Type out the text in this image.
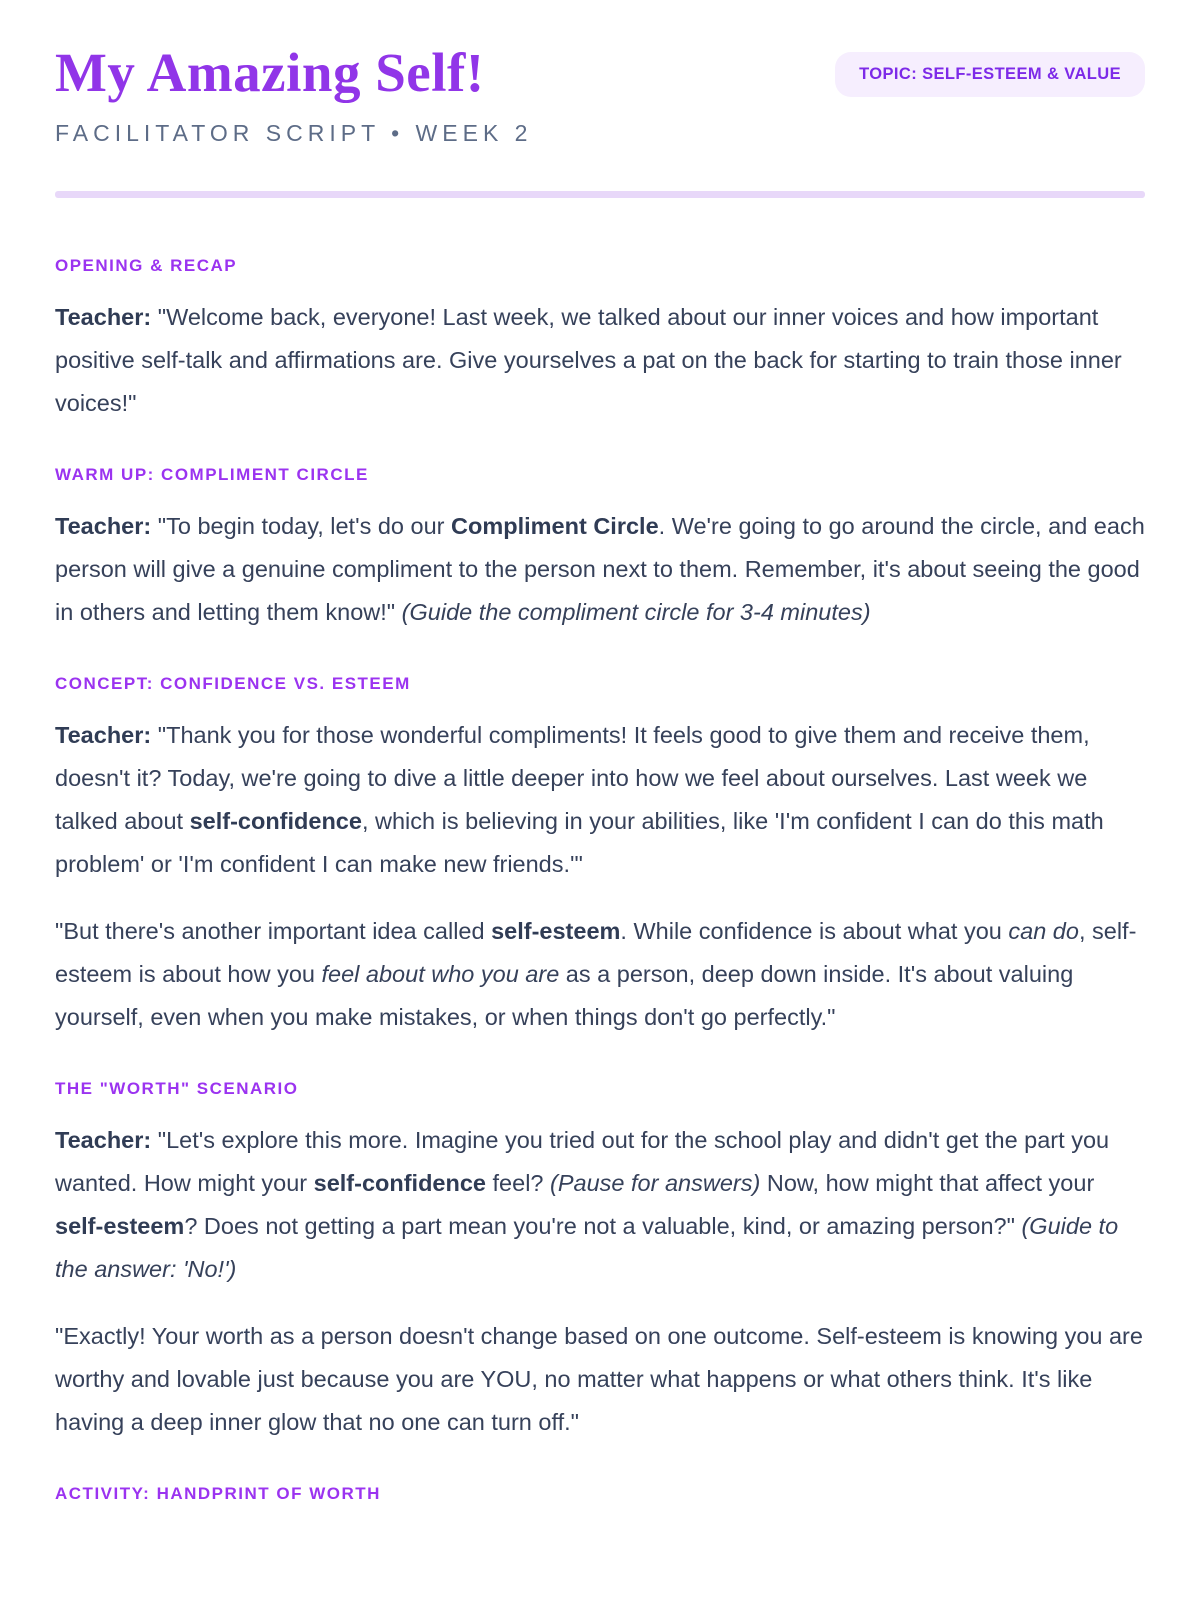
My Amazing Self!
FACILITATOR SCRIPT • WEEK 2
TOPIC: SELF-ESTEEM & VALUE
OPENING & RECAP

Teacher: "Welcome back, everyone! Last week, we talked about our inner voices and how important positive self-talk and affirmations are. Give yourselves a pat on the back for starting to train those inner voices!"

WARM UP: COMPLIMENT CIRCLE

Teacher: "To begin today, let's do our Compliment Circle. We're going to go around the circle, and each person will give a genuine compliment to the person next to them. Remember, it's about seeing the good in others and letting them know!" (Guide the compliment circle for 3-4 minutes)

CONCEPT: CONFIDENCE VS. ESTEEM

Teacher: "Thank you for those wonderful compliments! It feels good to give them and receive them, doesn't it? Today, we're going to dive a little deeper into how we feel about ourselves. Last week we talked about self-confidence, which is believing in your abilities, like 'I'm confident I can do this math problem' or 'I'm confident I can make new friends.'"

"But there's another important idea called self-esteem. While confidence is about what you can do, self-esteem is about how you feel about who you are as a person, deep down inside. It's about valuing yourself, even when you make mistakes, or when things don't go perfectly."

THE "WORTH" SCENARIO

Teacher: "Let's explore this more. Imagine you tried out for the school play and didn't get the part you wanted. How might your self-confidence feel? (Pause for answers) Now, how might that affect your self-esteem? Does not getting a part mean you're not a valuable, kind, or amazing person?" (Guide to the answer: 'No!')

"Exactly! Your worth as a person doesn't change based on one outcome. Self-esteem is knowing you are worthy and lovable just because you are YOU, no matter what happens or what others think. It's like having a deep inner glow that no one can turn off."

ACTIVITY: HANDPRINT OF WORTH
